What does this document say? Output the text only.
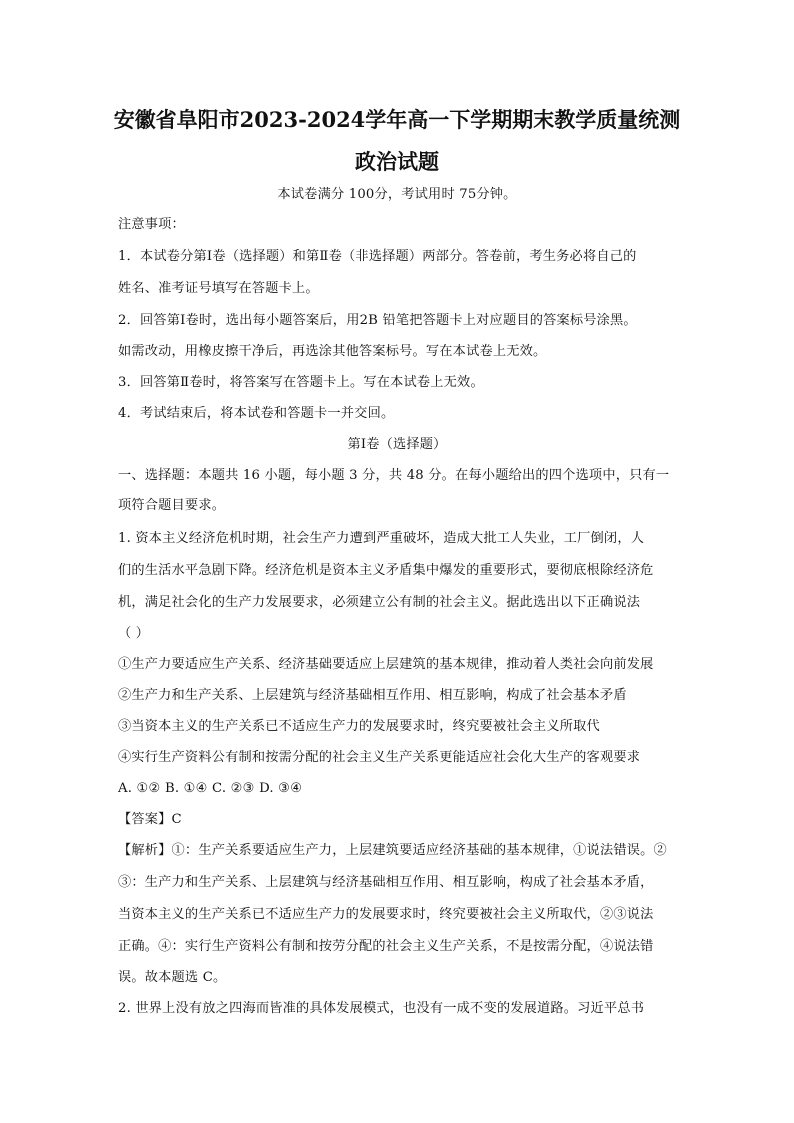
安徽省阜阳市2023-2024学年高一下学期期末教学质量统测
政治试题
本试卷满分 100分，考试用时 75分钟。
注意事项：
1．本试卷分第Ⅰ卷（选择题）和第Ⅱ卷（非选择题）两部分。答卷前，考生务必将自己的
姓名、准考证号填写在答题卡上。
2．回答第Ⅰ卷时，选出每小题答案后，用2B 铅笔把答题卡上对应题目的答案标号涂黑。
如需改动，用橡皮擦干净后，再选涂其他答案标号。写在本试卷上无效。
3．回答第Ⅱ卷时，将答案写在答题卡上。写在本试卷上无效。
4．考试结束后，将本试卷和答题卡一并交回。
第Ⅰ卷（选择题）
一、选择题：本题共 16 小题，每小题 3 分，共 48 分。在每小题给出的四个选项中，只有一
项符合题目要求。
1. 资本主义经济危机时期，社会生产力遭到严重破坏，造成大批工人失业，工厂倒闭，人
们的生活水平急剧下降。经济危机是资本主义矛盾集中爆发的重要形式，要彻底根除经济危
机，满足社会化的生产力发展要求，必须建立公有制的社会主义。据此选出以下正确说法
（ ）
①生产力要适应生产关系、经济基础要适应上层建筑的基本规律，推动着人类社会向前发展
②生产力和生产关系、上层建筑与经济基础相互作用、相互影响，构成了社会基本矛盾
③当资本主义的生产关系已不适应生产力的发展要求时，终究要被社会主义所取代
④实行生产资料公有制和按需分配的社会主义生产关系更能适应社会化大生产的客观要求
A. ①② B. ①④ C. ②③ D. ③④
【答案】C
【解析】①：生产关系要适应生产力，上层建筑要适应经济基础的基本规律，①说法错误。②
③：生产力和生产关系、上层建筑与经济基础相互作用、相互影响，构成了社会基本矛盾，
当资本主义的生产关系已不适应生产力的发展要求时，终究要被社会主义所取代，②③说法
正确。④：实行生产资料公有制和按劳分配的社会主义生产关系，不是按需分配，④说法错
误。故本题选 C。
2. 世界上没有放之四海而皆准的具体发展模式，也没有一成不变的发展道路。习近平总书
